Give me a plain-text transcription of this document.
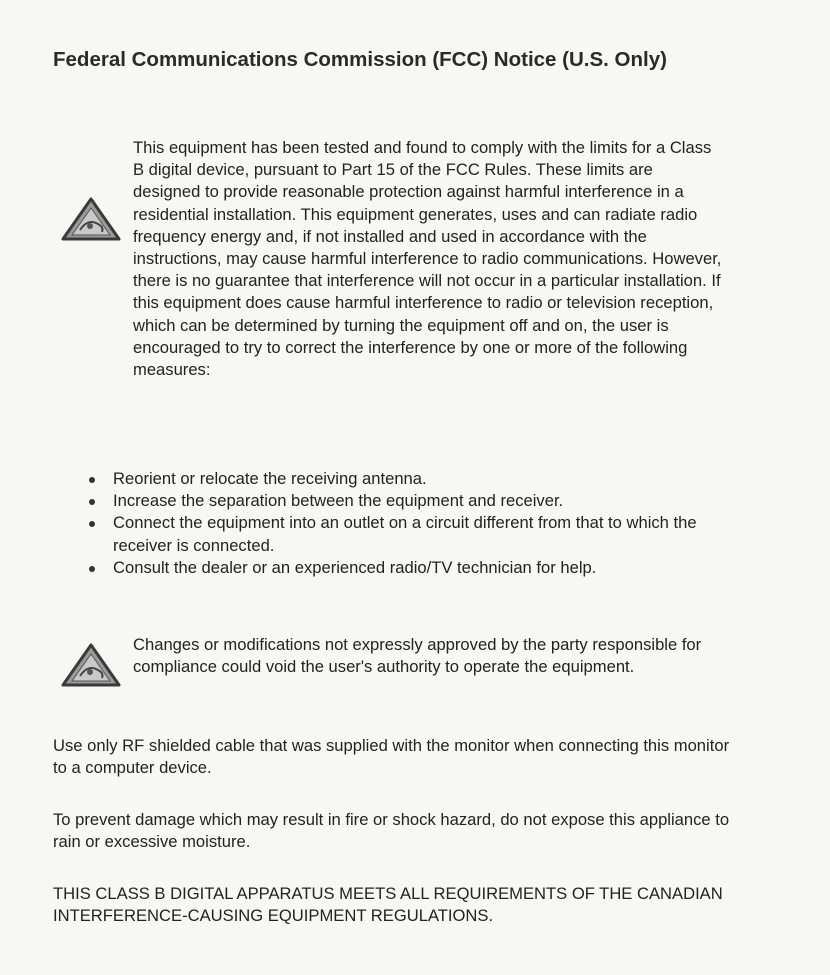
Federal Communications Commission (FCC) Notice (U.S. Only)
This equipment has been tested and found to comply with the limits for a Class B digital device, pursuant to Part 15 of the FCC Rules. These limits are designed to provide reasonable protection against harmful interference in a residential installation. This equipment generates, uses and can radiate radio frequency energy and, if not installed and used in accordance with the instructions, may cause harmful interference to radio communications. However, there is no guarantee that interference will not occur in a particular installation. If this equipment does cause harmful interference to radio or television reception, which can be determined by turning the equipment off and on, the user is encouraged to try to correct the interference by one or more of the following measures:
Reorient or relocate the receiving antenna.
Increase the separation between the equipment and receiver.
Connect the equipment into an outlet on a circuit different from that to which the receiver is connected.
Consult the dealer or an experienced radio/TV technician for help.
Changes or modifications not expressly approved by the party responsible for compliance could void the user's authority to operate the equipment.
Use only RF shielded cable that was supplied with the monitor when connecting this monitor to a computer device.
To prevent damage which may result in fire or shock hazard, do not expose this appliance to rain or excessive moisture.
THIS CLASS B DIGITAL APPARATUS MEETS ALL REQUIREMENTS OF THE CANADIAN INTERFERENCE-CAUSING EQUIPMENT REGULATIONS.
